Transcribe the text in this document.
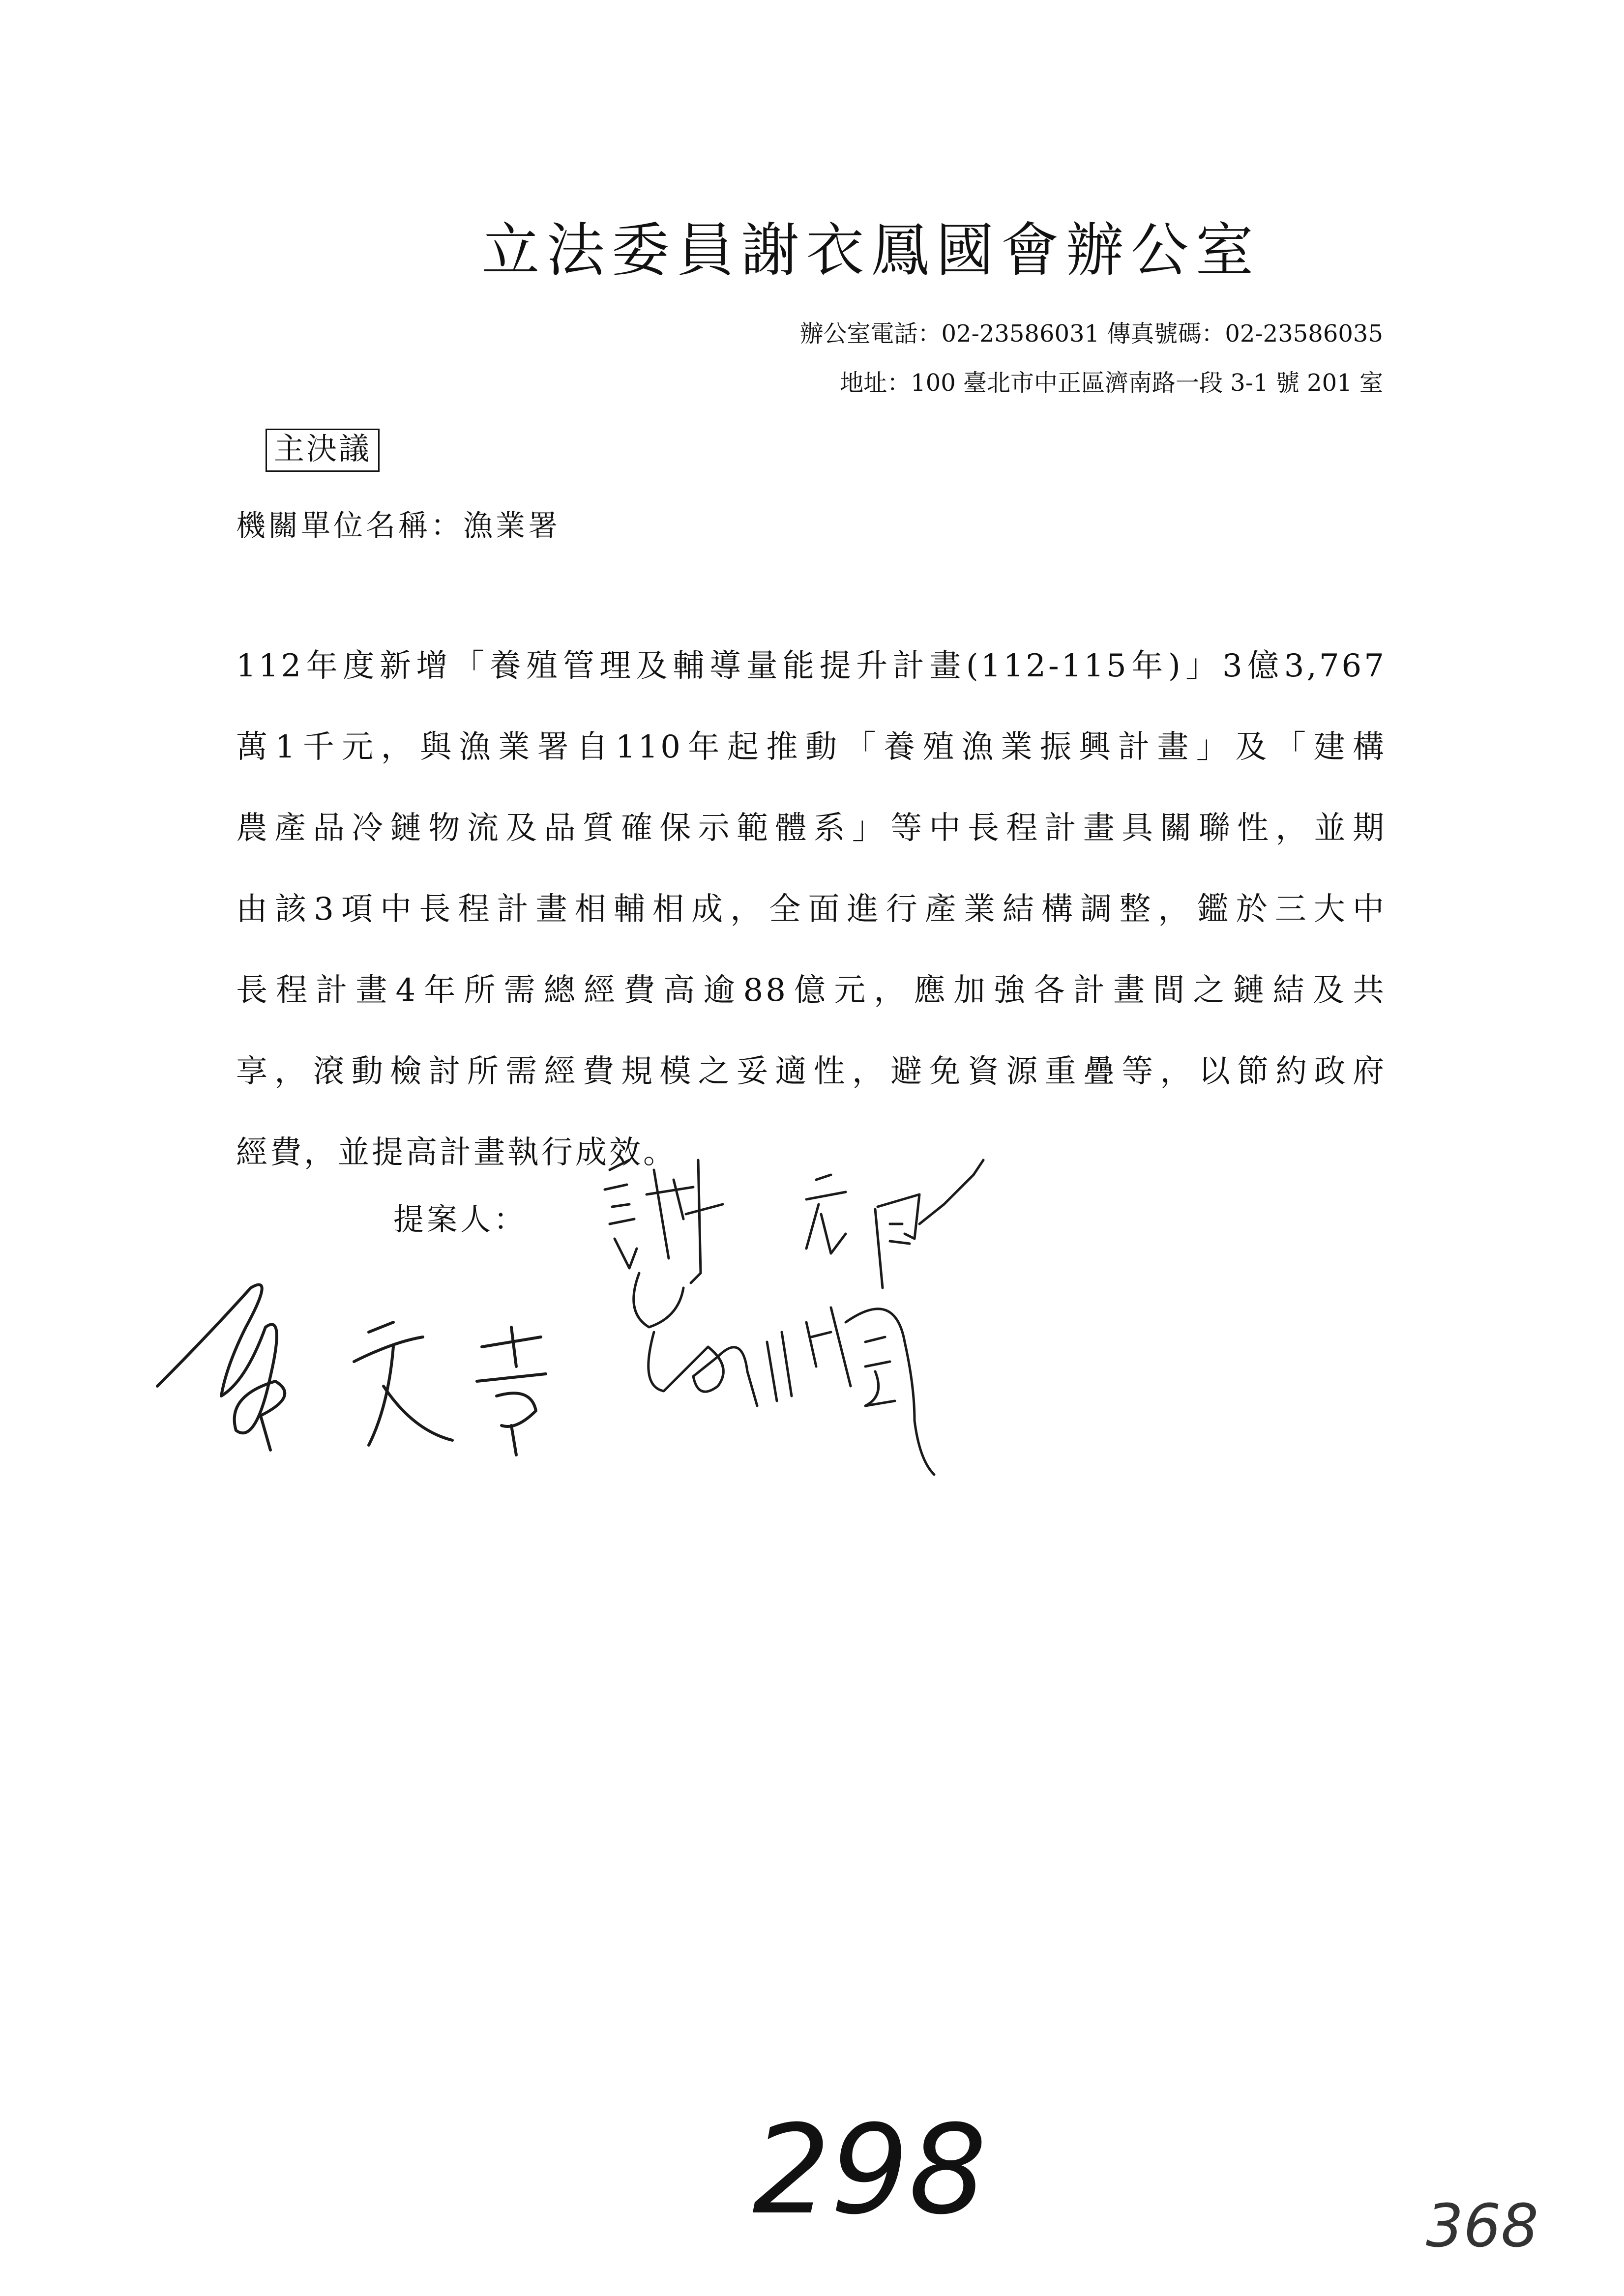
立法委員謝衣鳳國會辦公室
辦公室電話：02-23586031 傳真號碼：02-23586035
地址：100 臺北市中正區濟南路一段 3-1 號 201 室
主決議
機關單位名稱：漁業署
112年度新增「養殖管理及輔導量能提升計畫(112-115年)」3億3,767
萬1千元，與漁業署自110年起推動「養殖漁業振興計畫」及「建構
農產品冷鏈物流及品質確保示範體系」等中長程計畫具關聯性，並期
由該3項中長程計畫相輔相成，全面進行產業結構調整，鑑於三大中
長程計畫4年所需總經費高逾88億元，應加強各計畫間之鏈結及共
享，滾動檢討所需經費規模之妥適性，避免資源重疊等，以節約政府
經費，並提高計畫執行成效。
提案人：
298	368
